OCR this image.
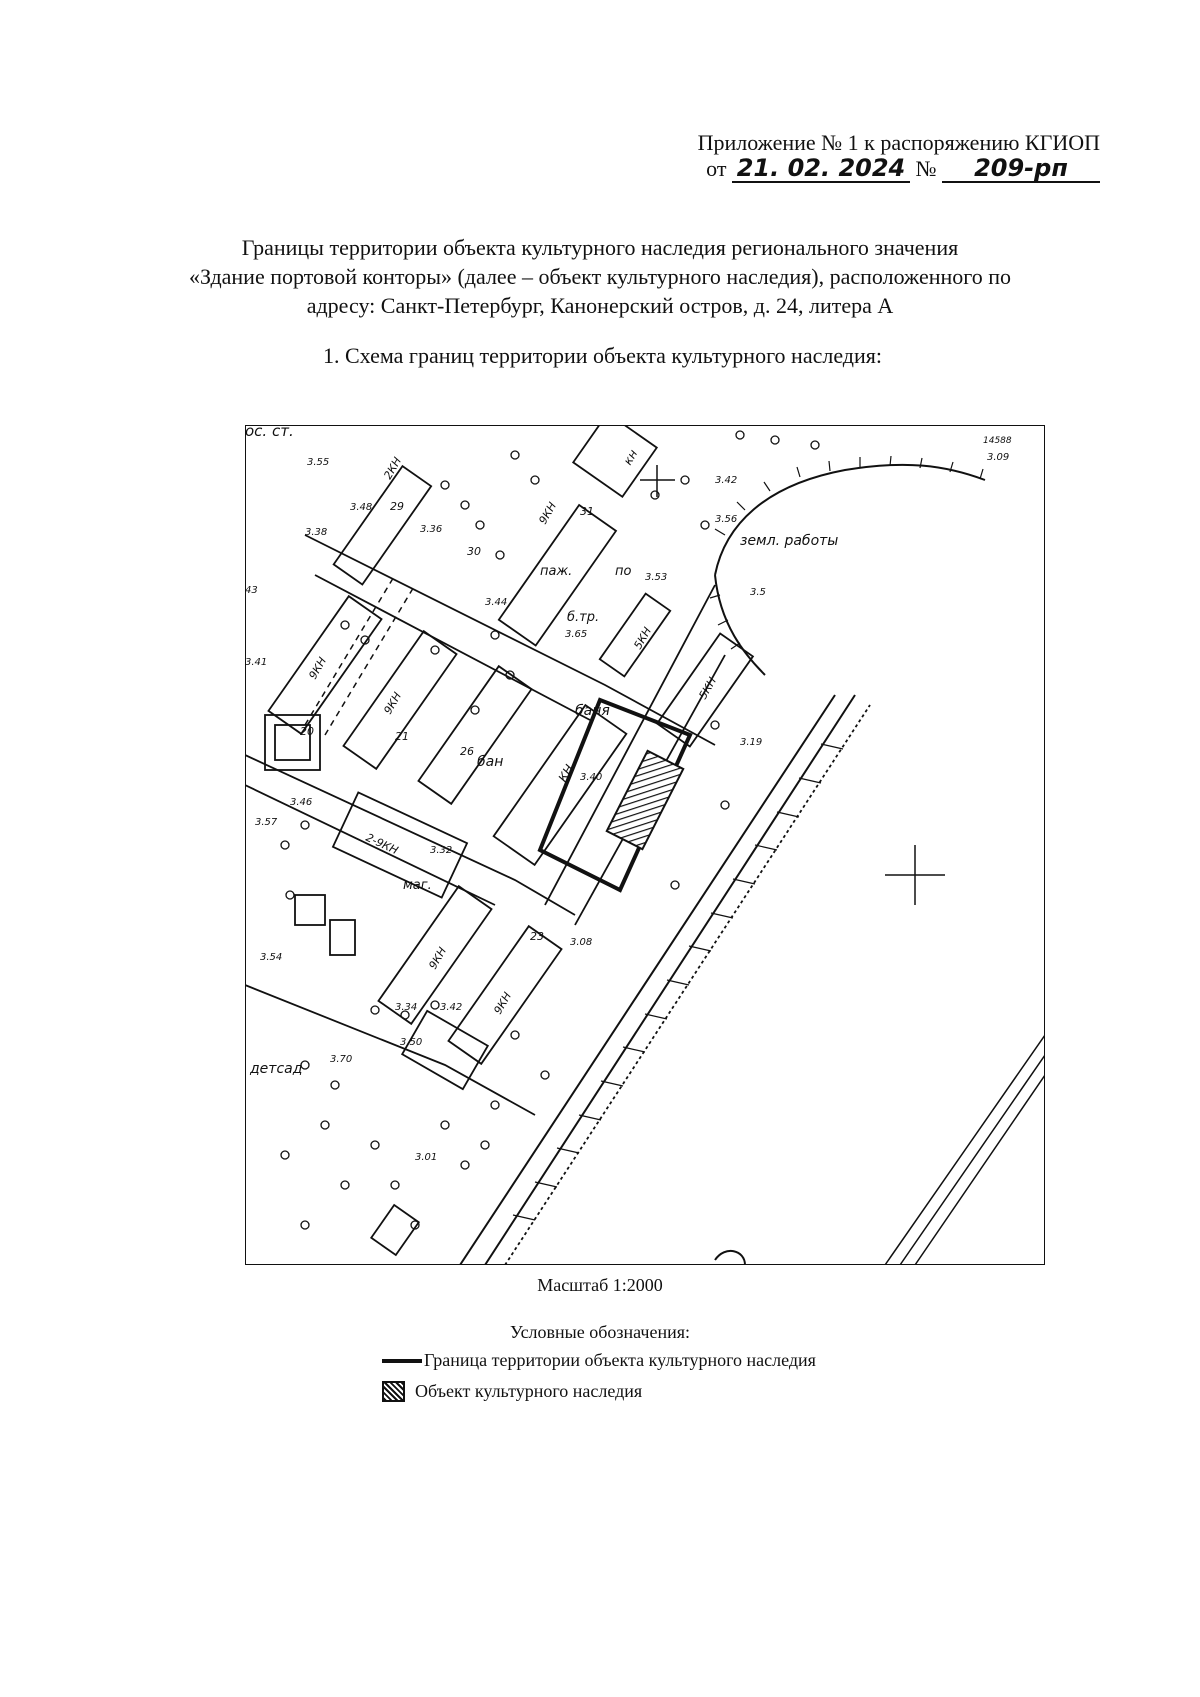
Приложение № 1 к распоряжению КГИОП
от 21. 02. 2024 № 209-рп
Границы территории объекта культурного наследия регионального значения
«Здание портовой конторы» (далее – объект культурного наследия), расположенного по
адресу: Санкт-Петербург, Канонерский остров, д. 24, литера А
1. Схема границ территории объекта культурного наследия:
ос. ст.
земл. работы
баня
бан
детсад
паж.	по
б.тр.
маг.
кн
КН
9КН
2-9КН
9КН
9КН
9КН
9КН
5КН
2КН
5КН
20	21
23
26
29
30
31
14588
3.09
3.42
3.56
3.55
3.48
3.36
3.38
3.53
3.5
3.41
3.44
3.65
3.19
3.40
3.32
3.57
3.46
3.08
3.54
3.34 3.42
3.50
3.70
3.01
43
Масштаб 1:2000
Условные обозначения:
Граница территории объекта культурного наследия
Объект культурного наследия
